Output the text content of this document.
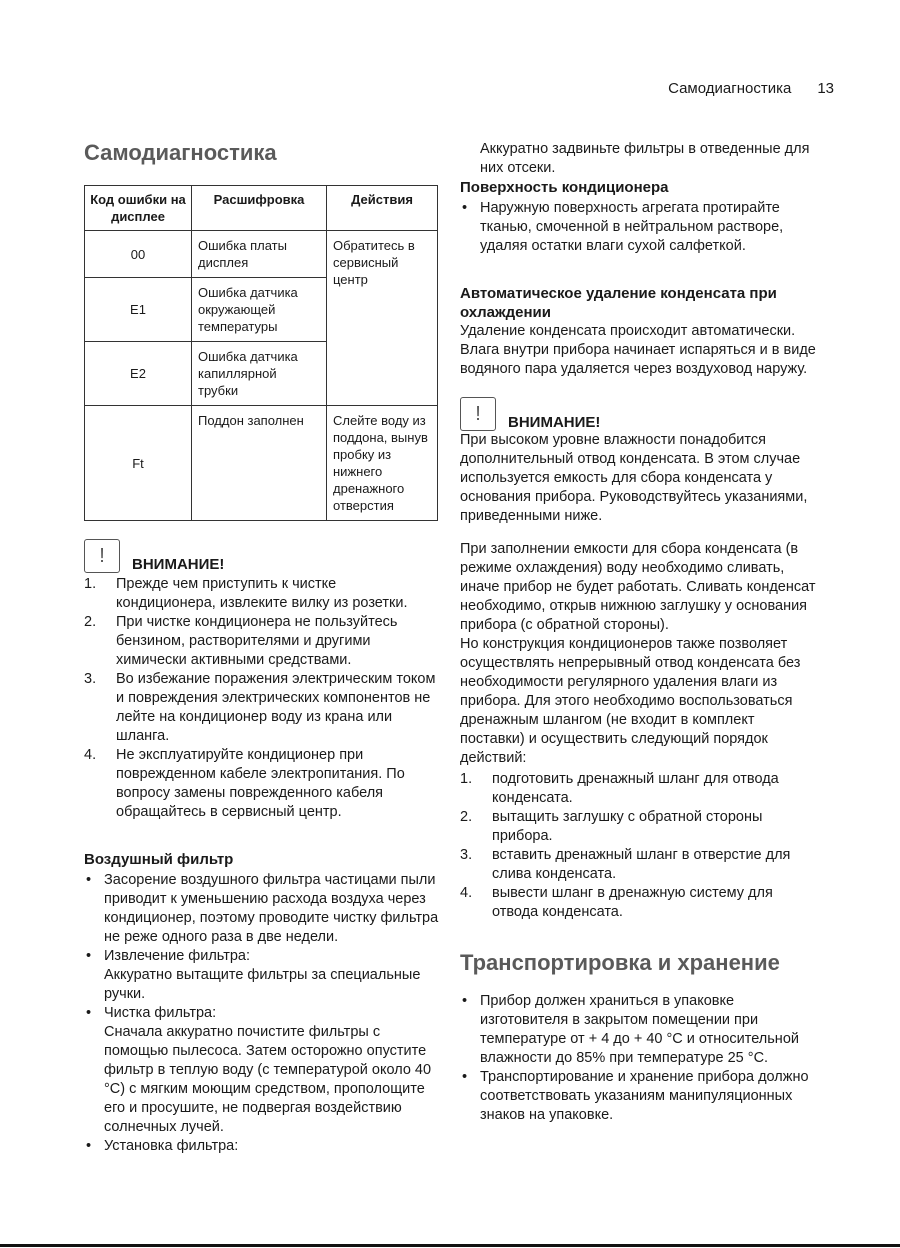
Самодиагностика 13
Самодиагностика
Код ошибки на дисплее	Расшифровка	Действия
00	Ошибка платы дисплея	Обратитесь в сервисный центр
E1	Ошибка датчика окружающей температуры	
E2	Ошибка датчика капиллярной трубки	
Ft	Поддон заполнен	Слейте воду из поддона, вынув пробку из нижнего дренажного отверстия
!	ВНИМАНИЕ!
1. Прежде чем приступить к чистке кондиционера, извлеките вилку из розетки.
2. При чистке кондиционера не пользуйтесь бензином, растворителями и другими химически активными средствами.
3. Во избежание поражения электрическим током и повреждения электрических компонентов не лейте на кондиционер воду из крана или шланга.
4. Не эксплуатируйте кондиционер при поврежденном кабеле электропитания. По вопросу замены поврежденного кабеля обращайтесь в сервисный центр.
Воздушный фильтр
• Засорение воздушного фильтра частицами пыли приводит к уменьшению расхода воздуха через кондиционер, поэтому проводите чистку фильтра не реже одного раза в две недели.
• Извлечение фильтра:
Аккуратно вытащите фильтры за специальные ручки.
• Чистка фильтра:
Сначала аккуратно почистите фильтры с помощью пылесоса. Затем осторожно опустите фильтр в теплую воду (с температурой около 40 °C) с мягким моющим средством, прополощите его и просушите, не подвергая воздействию солнечных лучей.
• Установка фильтра:

Аккуратно задвиньте фильтры в отведенные для них отсеки.

Поверхность кондиционера
• Наружную поверхность агрегата протирайте тканью, смоченной в нейтральном растворе, удаляя остатки влаги сухой салфеткой.
Автоматическое удаление конденсата при охлаждении

Удаление конденсата происходит автоматически. Влага внутри прибора начинает испаряться и в виде водяного пара удаляется через воздуховод наружу.

!	ВНИМАНИЕ!

При высоком уровне влажности понадобится дополнительный отвод конденсата. В этом случае используется емкость для сбора конденсата у основания прибора. Руководствуйтесь указаниями, приведенными ниже.

При заполнении емкости для сбора конденсата (в режиме охлаждения) воду необходимо сливать, иначе прибор не будет работать. Сливать конденсат необходимо, открыв нижнюю заглушку у основания прибора (с обратной стороны).

Но конструкция кондиционеров также позволяет осуществлять непрерывный отвод конденсата без необходимости регулярного удаления влаги из прибора. Для этого необходимо воспользоваться дренажным шлангом (не входит в комплект поставки) и осуществить следующий порядок действий:

1. подготовить дренажный шланг для отвода конденсата.
2. вытащить заглушку с обратной стороны прибора.
3. вставить дренажный шланг в отверстие для слива конденсата.
4. вывести шланг в дренажную систему для отвода конденсата.
Транспортировка и хранение
• Прибор должен храниться в упаковке изготовителя в закрытом помещении при температуре от + 4 до + 40 °C и относительной влажности до 85% при температуре 25 °C.
• Транспортирование и хранение прибора должно соответствовать указаниям манипуляционных знаков на упаковке.
